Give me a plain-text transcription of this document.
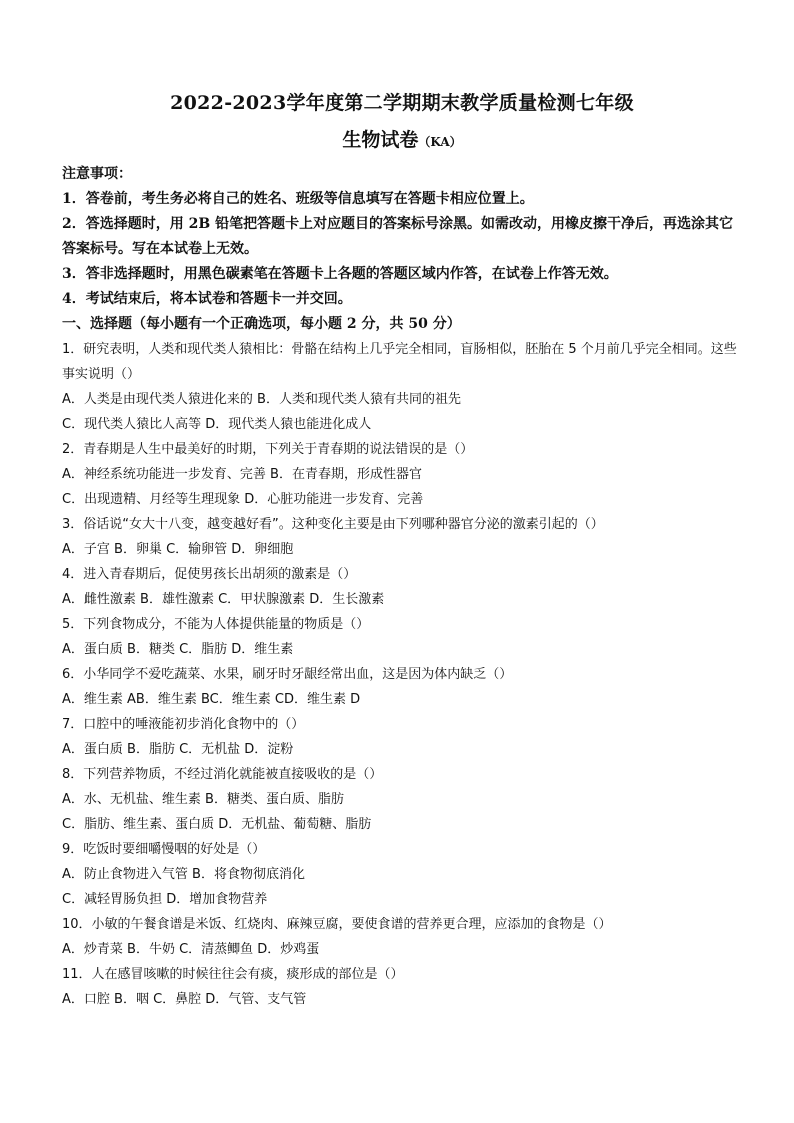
2022-2023学年度第二学期期末教学质量检测七年级
生物试卷（KA）
注意事项：
1．答卷前，考生务必将自己的姓名、班级等信息填写在答题卡相应位置上。
2．答选择题时，用 2B 铅笔把答题卡上对应题目的答案标号涂黑。如需改动，用橡皮擦干净后，再选涂其它答案标号。写在本试卷上无效。
3．答非选择题时，用黑色碳素笔在答题卡上各题的答题区域内作答，在试卷上作答无效。
4．考试结束后，将本试卷和答题卡一并交回。
一、选择题（每小题有一个正确选项，每小题 2 分，共 50 分）
1．研究表明，人类和现代类人猿相比：骨骼在结构上几乎完全相同，盲肠相似，胚胎在 5 个月前几乎完全相同。这些事实说明（）
A．人类是由现代类人猿进化来的 B．人类和现代类人猿有共同的祖先
C．现代类人猿比人高等 D．现代类人猿也能进化成人
2．青春期是人生中最美好的时期，下列关于青春期的说法错误的是（）
A．神经系统功能进一步发育、完善 B．在青春期，形成性器官
C．出现遗精、月经等生理现象 D．心脏功能进一步发育、完善
3．俗话说“女大十八变，越变越好看”。这种变化主要是由下列哪种器官分泌的激素引起的（）
A．子宫 B．卵巢 C．输卵管 D．卵细胞
4．进入青春期后，促使男孩长出胡须的激素是（）
A．雌性激素 B．雄性激素 C．甲状腺激素 D．生长激素
5．下列食物成分，不能为人体提供能量的物质是（）
A．蛋白质 B．糖类 C．脂肪 D．维生素
6．小华同学不爱吃蔬菜、水果，刷牙时牙龈经常出血，这是因为体内缺乏（）
A．维生素 AB．维生素 BC．维生素 CD．维生素 D
7．口腔中的唾液能初步消化食物中的（）
A．蛋白质 B．脂肪 C．无机盐 D．淀粉
8．下列营养物质，不经过消化就能被直接吸收的是（）
A．水、无机盐、维生素 B．糖类、蛋白质、脂肪
C．脂肪、维生素、蛋白质 D．无机盐、葡萄糖、脂肪
9．吃饭时要细嚼慢咽的好处是（）
A．防止食物进入气管 B．将食物彻底消化
C．减轻胃肠负担 D．增加食物营养
10．小敏的午餐食谱是米饭、红烧肉、麻辣豆腐，要使食谱的营养更合理，应添加的食物是（）
A．炒青菜 B．牛奶 C．清蒸鲫鱼 D．炒鸡蛋
11．人在感冒咳嗽的时候往往会有痰，痰形成的部位是（）
A．口腔 B．咽 C．鼻腔 D．气管、支气管
